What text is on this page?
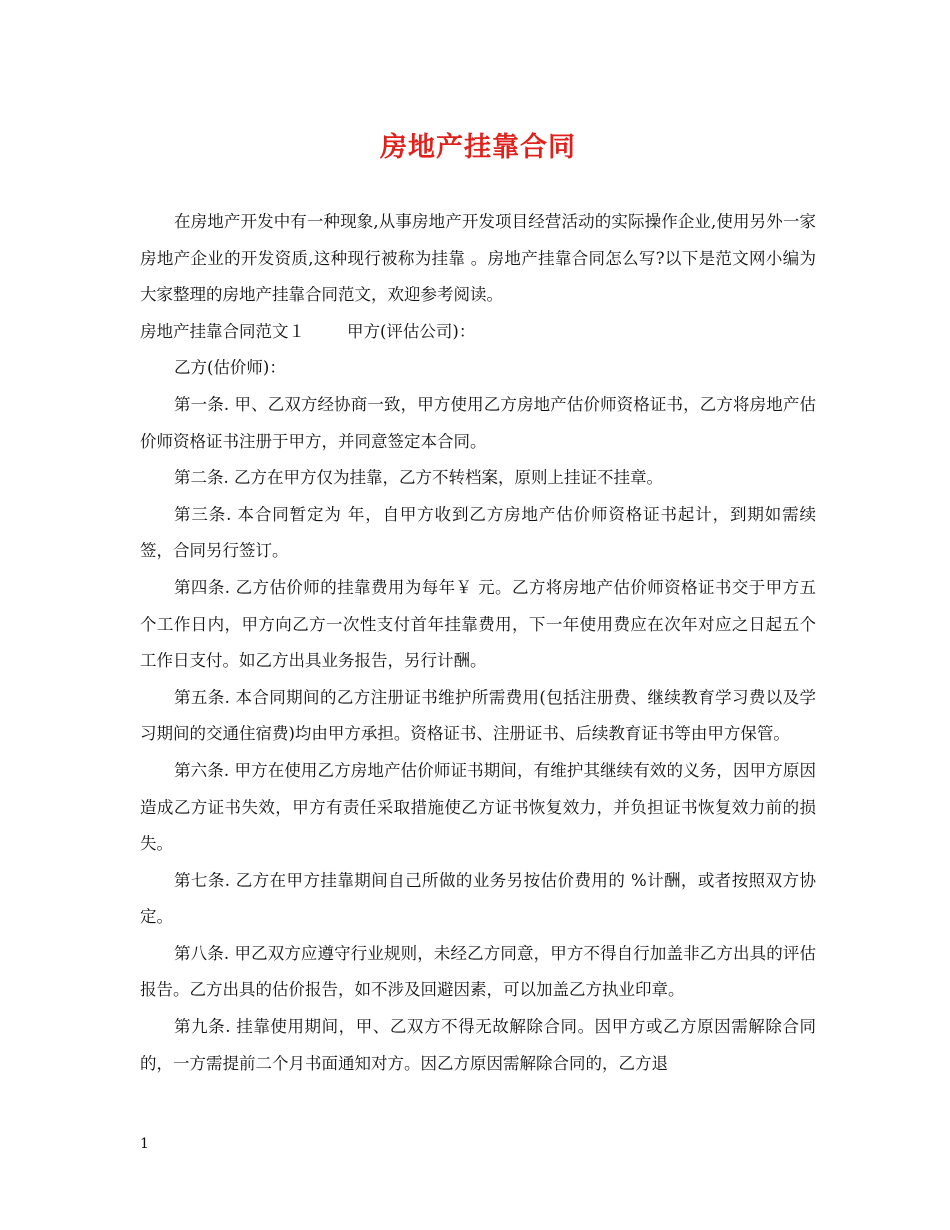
房地产挂靠合同

在房地产开发中有一种现象,从事房地产开发项目经营活动的实际操作企业,使用另外一家房地产企业的开发资质,这种现行被称为挂靠 。房地产挂靠合同怎么写?以下是范文网小编为大家整理的房地产挂靠合同范文，欢迎参考阅读。

房地产挂靠合同范文１	甲方(评估公司)：

乙方(估价师)：

第一条. 甲、乙双方经协商一致，甲方使用乙方房地产估价师资格证书，乙方将房地产估价师资格证书注册于甲方，并同意签定本合同。

第二条. 乙方在甲方仅为挂靠，乙方不转档案，原则上挂证不挂章。

第三条. 本合同暂定为 年，自甲方收到乙方房地产估价师资格证书起计，到期如需续签，合同另行签订。

第四条. 乙方估价师的挂靠费用为每年￥ 元。乙方将房地产估价师资格证书交于甲方五个工作日内，甲方向乙方一次性支付首年挂靠费用，下一年使用费应在次年对应之日起五个工作日支付。如乙方出具业务报告，另行计酬。

第五条. 本合同期间的乙方注册证书维护所需费用(包括注册费、继续教育学习费以及学习期间的交通住宿费)均由甲方承担。资格证书、注册证书、后续教育证书等由甲方保管。

第六条. 甲方在使用乙方房地产估价师证书期间，有维护其继续有效的义务，因甲方原因造成乙方证书失效，甲方有责任采取措施使乙方证书恢复效力，并负担证书恢复效力前的损失。

第七条. 乙方在甲方挂靠期间自己所做的业务另按估价费用的 %计酬，或者按照双方协定。

第八条. 甲乙双方应遵守行业规则，未经乙方同意，甲方不得自行加盖非乙方出具的评估报告。乙方出具的估价报告，如不涉及回避因素，可以加盖乙方执业印章。

第九条. 挂靠使用期间，甲、乙双方不得无故解除合同。因甲方或乙方原因需解除合同的，一方需提前二个月书面通知对方。因乙方原因需解除合同的，乙方退

1
